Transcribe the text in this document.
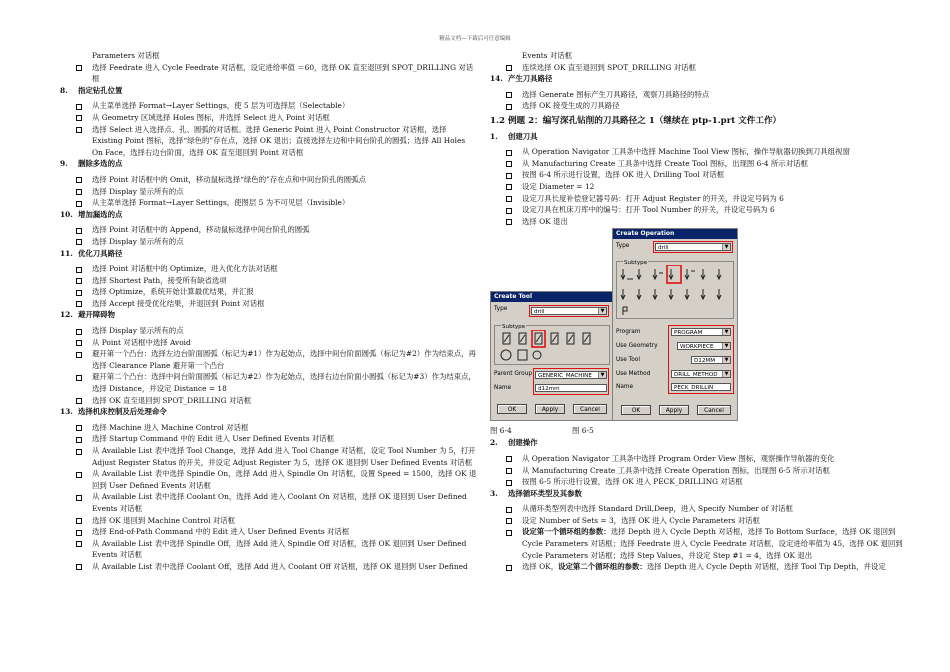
精品文档---下载后可任意编辑
Parameters 对话框
选择 Feedrate 进入 Cycle Feedrate 对话框，设定进给率值 ＝60，选择 OK 直至退回到 SPOT_DRILLING 对话框
8. 指定钻孔位置
从主菜单选择 Format→Layer Settings，使 5 层为可选择层（Selectable）
从 Geometry 区域选择 Holes 图标，并选择 Select 进入 Point 对话框
选择 Select 进入选择点、孔、圆弧的对话框。选择 Generic Point 进入 Point Constructor 对话框，选择 Existing Point 图标，选择“绿色的”存在点，选择 OK 退出；直接选择左边和中间台阶孔的圆弧；选择 All Holes On Face，选择右边台阶面，选择 OK 直至退回到 Point 对话框
9. 删除多选的点
选择 Point 对话框中的 Omit，移动鼠标选择“绿色的”存在点和中间台阶孔的圆弧点
选择 Display 显示所有的点
从主菜单选择 Format→Layer Settings，使图层 5 为不可见层（Invisible）
10. 增加漏选的点
选择 Point 对话框中的 Append，移动鼠标选择中间台阶孔的圆弧
选择 Display 显示所有的点
11. 优化刀具路径
选择 Point 对话框中的 Optimize，进入优化方法对话框
选择 Shortest Path，接受所有缺省选项
选择 Optimize，系统开始计算最优结果，并汇报
选择 Accept 接受优化结果，并退回到 Point 对话框
12. 避开障碍物
选择 Display 显示所有的点
从 Point 对话框中选择 Avoid
避开第一个凸台：选择左边台阶面圆弧（标记为#1）作为起始点，选择中间台阶面圆弧（标记为#2）作为结束点，再选择 Clearance Plane 避开第一个凸台
避开第二个凸台：选择中间台阶面圆弧（标记为#2）作为起始点，选择右边台阶面小圆弧（标记为#3）作为结束点，选择 Distance，并设定 Distance = 18
选择 OK 直至退回到 SPOT_DRILLING 对话框
13. 选择机床控制及后处理命令
选择 Machine 进入 Machine Control 对话框
选择 Startup Command 中的 Edit 进入 User Defined Events 对话框
从 Available List 表中选择 Tool Change，选择 Add 进入 Tool Change 对话框，设定 Tool Number 为 5，打开 Adjust Register Status 的开关，并设定 Adjust Register 为 5，选择 OK 退回到 User Defined Events 对话框
从 Available List 表中选择 Spindle On，选择 Add 进入 Spindle On 对话框，设置 Speed = 1500，选择 OK 退回到 User Defined Events 对话框
从 Available List 表中选择 Coolant On，选择 Add 进入 Coolant On 对话框，选择 OK 退回到 User Defined Events 对话框
选择 OK 退回到 Machine Control 对话框
选择 End-of-Path Command 中的 Edit 进入 User Defined Events 对话框
从 Available List 表中选择 Spindle Off，选择 Add 进入 Spindle Off 对话框，选择 OK 退回到 User Defined Events 对话框
从 Available List 表中选择 Coolant Off，选择 Add 进入 Coolant Off 对话框，选择 OK 退回到 User Defined
Events 对话框
连续选择 OK 直至退回到 SPOT_DRILLING 对话框
14. 产生刀具路径
选择 Generate 图标产生刀具路径，观察刀具路径的特点
选择 OK 接受生成的刀具路径
1.2 例题 2：编写深孔钻削的刀具路径之 1（继续在 ptp-1.prt 文件工作）
1. 创建刀具
从 Operation Navigator 工具条中选择 Machine Tool View 图标，操作导航器切换到刀具组视窗
从 Manufacturing Create 工具条中选择 Create Tool 图标，出现图 6-4 所示对话框
按图 6-4 所示进行设置，选择 OK 进入 Drilling Tool 对话框
设定 Diameter = 12
设定刀具长度补偿登记器号码：打开 Adjust Register 的开关，并设定号码为 6
设定刀具在机床刀库中的编号：打开 Tool Number 的开关，并设定号码为 6
选择 OK 退出
Create Tool
Type	drill	▼
Subtype
Parent Group	GENERIC_MACHINE	▼
Name	d12mm
OK	Apply	Cancel
Create Operation
Type	drill	▼
Subtype
Program	PROGRAM	▼
Use Geometry	WORKPIECE	▼
Use Tool	D12MM	▼
Use Method	DRILL_METHOD	▼
Name	PECK_DRILLIN
OK	Apply	Cancel
图 6-4	图 6-5
2. 创建操作
从 Operation Navigator 工具条中选择 Program Order View 图标，观察操作导航器的变化
从 Manufacturing Create 工具条中选择 Create Operation 图标，出现图 6-5 所示对话框
按图 6-5 所示进行设置，选择 OK 进入 PECK_DRILLING 对话框
3. 选择循环类型及其参数
从循环类型列表中选择 Standard Drill,Deep，进入 Specify Number of 对话框
设定 Number of Sets = 3，选择 OK 进入 Cycle Parameters 对话框
设定第一个循环组的参数：选择 Depth 进入 Cycle Depth 对话框，选择 To Bottom Surface，选择 OK 退回到 Cycle Parameters 对话框；选择 Feedrate 进入 Cycle Feedrate 对话框，设定进给率值为 45，选择 OK 退回到 Cycle Parameters 对话框；选择 Step Values，并设定 Step #1 = 4，选择 OK 退出
选择 OK，设定第二个循环组的参数：选择 Depth 进入 Cycle Depth 对话框，选择 Tool Tip Depth，并设定
